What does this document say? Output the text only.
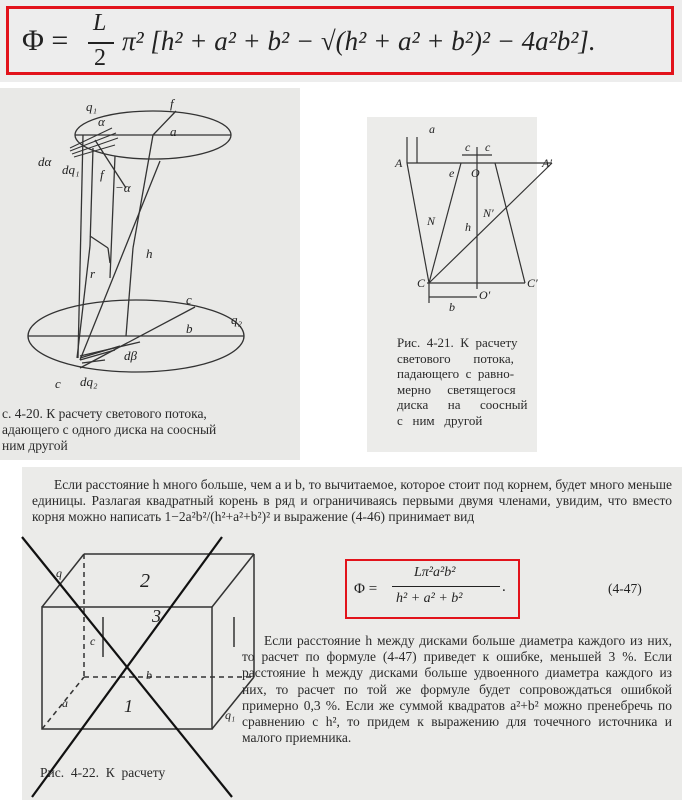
Φ =
L
2
π² [h² + a² + b² − √(h² + a² + b²)² − 4a²b²].
q₁	f
α
a
dα
dq₁ f
−α
r
h
c
b
q₂
dβ
c dq₂
с. 4-20. К расчету светового потока,
адающего с одного диска на соосный
ним другой
a
c c
A
e O
A′
N
N′
h
C
O′
C′
b
Рис.  4-21.  К  расчету
светового       потока,
падающего  с  равно-
мерно     светящегося
диска      на      соосный
с   ним   другой
Если расстояние h много больше, чем a и b, то вычитаемое, которое стоит под корнем, будет много меньше единицы. Разлагая квадратный корень в ряд и ограничиваясь первыми двумя членами, увидим, что вместо корня можно написать 1−2a²b²/(h²+a²+b²)² и выражение (4-46) принимает вид
2
3
1
q
c
b
a
q₁
Рис.  4-22.  К  расчету
Φ =
Lπ²a²b²
h² + a² + b²
.	(4-47)
Если расстояние h между дисками больше диаметра каждого из них, то расчет по формуле (4-47) приведет к ошибке, меньшей 3 %. Если расстояние h между дисками больше удвоенного диаметра каждого из них, то расчет по той же формуле будет сопровождаться ошибкой примерно 0,3 %. Если же суммой квадратов a²+b² можно пренебречь по сравнению с h², то придем к выражению для точечного источника и малого приемника.
